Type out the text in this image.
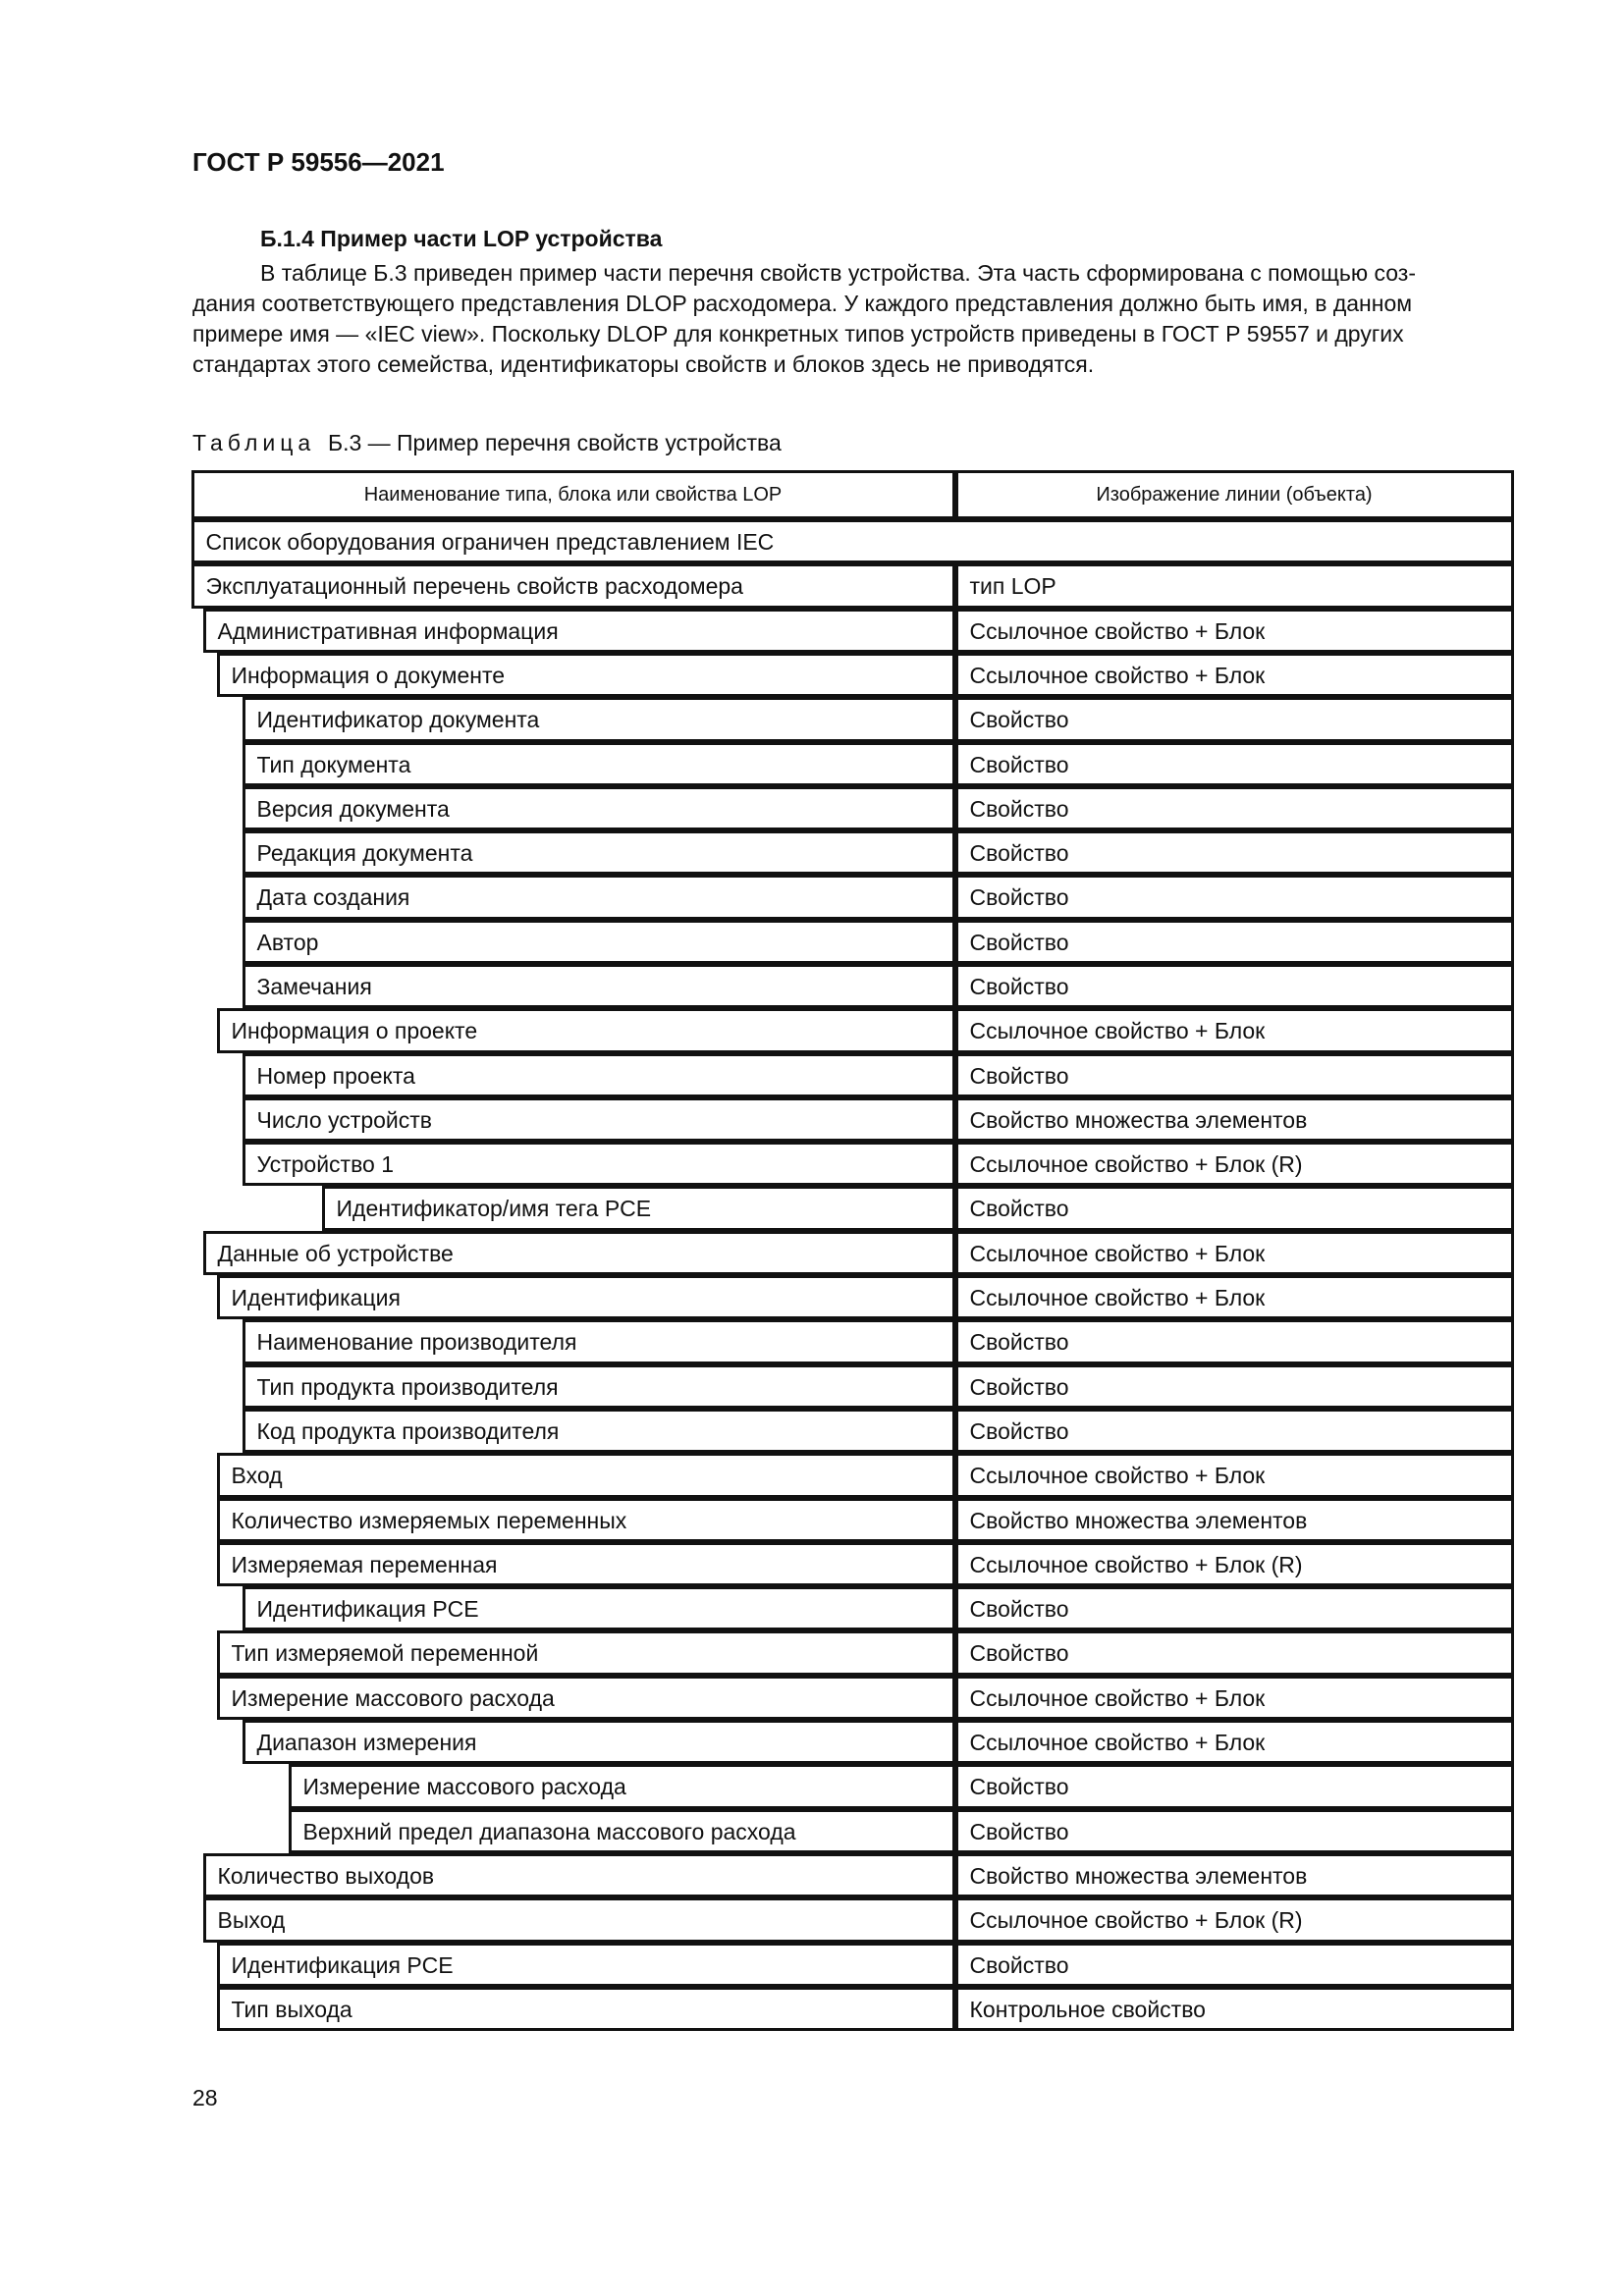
ГОСТ Р 59556—2021

Б.1.4 Пример части LOP устройства

В таблице Б.3 приведен пример части перечня свойств устройства. Эта часть сформирована с помощью соз-
дания соответствующего представления DLOP расходомера. У каждого представления должно быть имя, в данном
примере имя — «IEC view». Поскольку DLOP для конкретных типов устройств приведены в ГОСТ Р 59557 и других
стандартах этого семейства, идентификаторы свойств и блоков здесь не приводятся.

Таблица Б.3 — Пример перечня свойств устройства

Наименование типа, блока или свойства LOP	Изображение линии (объекта)
Список оборудования ограничен представлением IEC
Эксплуатационный перечень свойств расходомера	тип LOP
Административная информация	Ссылочное свойство + Блок
Информация о документе	Ссылочное свойство + Блок
Идентификатор документа	Свойство
Тип документа	Свойство
Версия документа	Свойство
Редакция документа	Свойство
Дата создания	Свойство
Автор	Свойство
Замечания	Свойство
Информация о проекте	Ссылочное свойство + Блок
Номер проекта	Свойство
Число устройств	Свойство множества элементов
Устройство 1	Ссылочное свойство + Блок (R)
Идентификатор/имя тега PCE	Свойство
Данные об устройстве	Ссылочное свойство + Блок
Идентификация	Ссылочное свойство + Блок
Наименование производителя	Свойство
Тип продукта производителя	Свойство
Код продукта производителя	Свойство
Вход	Ссылочное свойство + Блок
Количество измеряемых переменных	Свойство множества элементов
Измеряемая переменная	Ссылочное свойство + Блок (R)
Идентификация PCE	Свойство
Тип измеряемой переменной	Свойство
Измерение массового расхода	Ссылочное свойство + Блок
Диапазон измерения	Ссылочное свойство + Блок
Измерение массового расхода	Свойство
Верхний предел диапазона массового расхода	Свойство
Количество выходов	Свойство множества элементов
Выход	Ссылочное свойство + Блок (R)
Идентификация PCE	Свойство
Тип выхода	Контрольное свойство

28
